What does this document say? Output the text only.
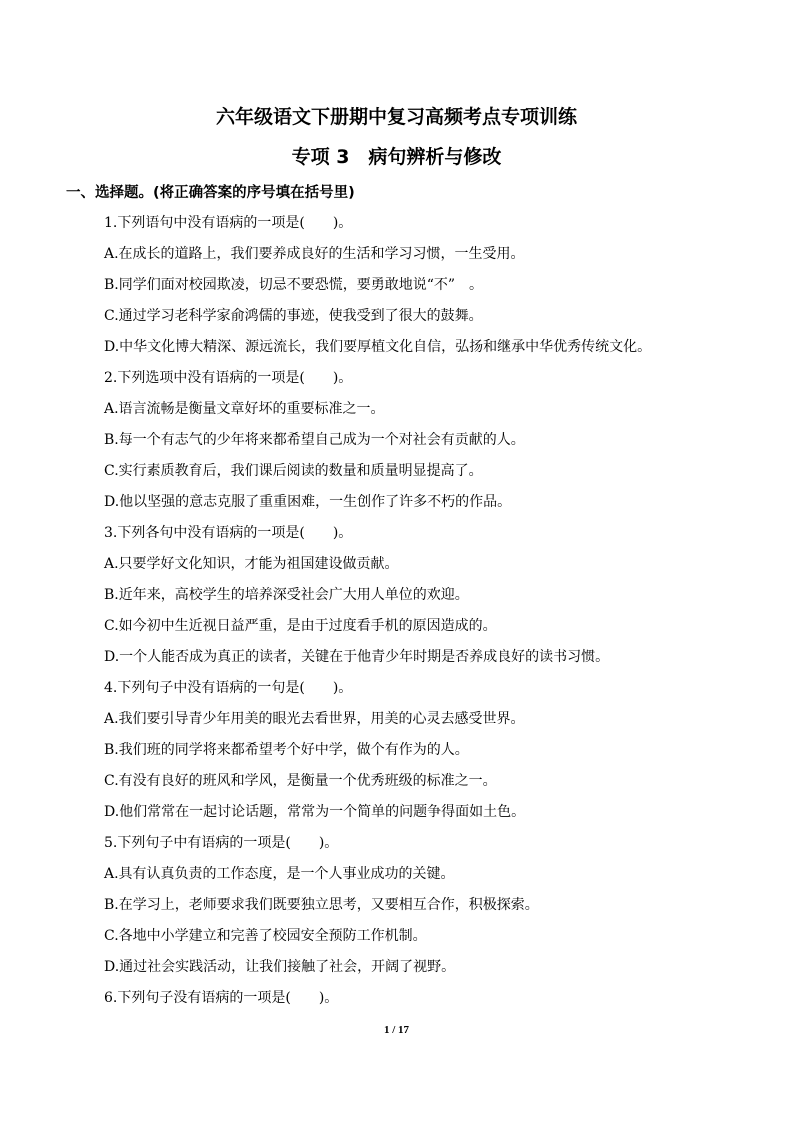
六年级语文下册期中复习高频考点专项训练
专项 3　病句辨析与修改

一、选择题。(将正确答案的序号填在括号里)

1.下列语句中没有语病的一项是(　　)。

A.在成长的道路上，我们要养成良好的生活和学习习惯，一生受用。

B.同学们面对校园欺凌，切忌不要恐慌，要勇敢地说“不”　。

C.通过学习老科学家俞鸿儒的事迹，使我受到了很大的鼓舞。

D.中华文化博大精深、源远流长，我们要厚植文化自信，弘扬和继承中华优秀传统文化。

2.下列选项中没有语病的一项是(　　)。

A.语言流畅是衡量文章好坏的重要标准之一。

B.每一个有志气的少年将来都希望自己成为一个对社会有贡献的人。

C.实行素质教育后，我们课后阅读的数量和质量明显提高了。

D.他以坚强的意志克服了重重困难，一生创作了许多不朽的作品。

3.下列各句中没有语病的一项是(　　)。

A.只要学好文化知识，才能为祖国建设做贡献。

B.近年来，高校学生的培养深受社会广大用人单位的欢迎。

C.如今初中生近视日益严重，是由于过度看手机的原因造成的。

D.一个人能否成为真正的读者，关键在于他青少年时期是否养成良好的读书习惯。

4.下列句子中没有语病的一句是(　　)。

A.我们要引导青少年用美的眼光去看世界，用美的心灵去感受世界。

B.我们班的同学将来都希望考个好中学，做个有作为的人。

C.有没有良好的班风和学风，是衡量一个优秀班级的标准之一。

D.他们常常在一起讨论话题，常常为一个简单的问题争得面如土色。

5.下列句子中有语病的一项是(　　)。

A.具有认真负责的工作态度，是一个人事业成功的关键。

B.在学习上，老师要求我们既要独立思考，又要相互合作，积极探索。

C.各地中小学建立和完善了校园安全预防工作机制。

D.通过社会实践活动，让我们接触了社会，开阔了视野。

6.下列句子没有语病的一项是(　　)。

1 / 17
